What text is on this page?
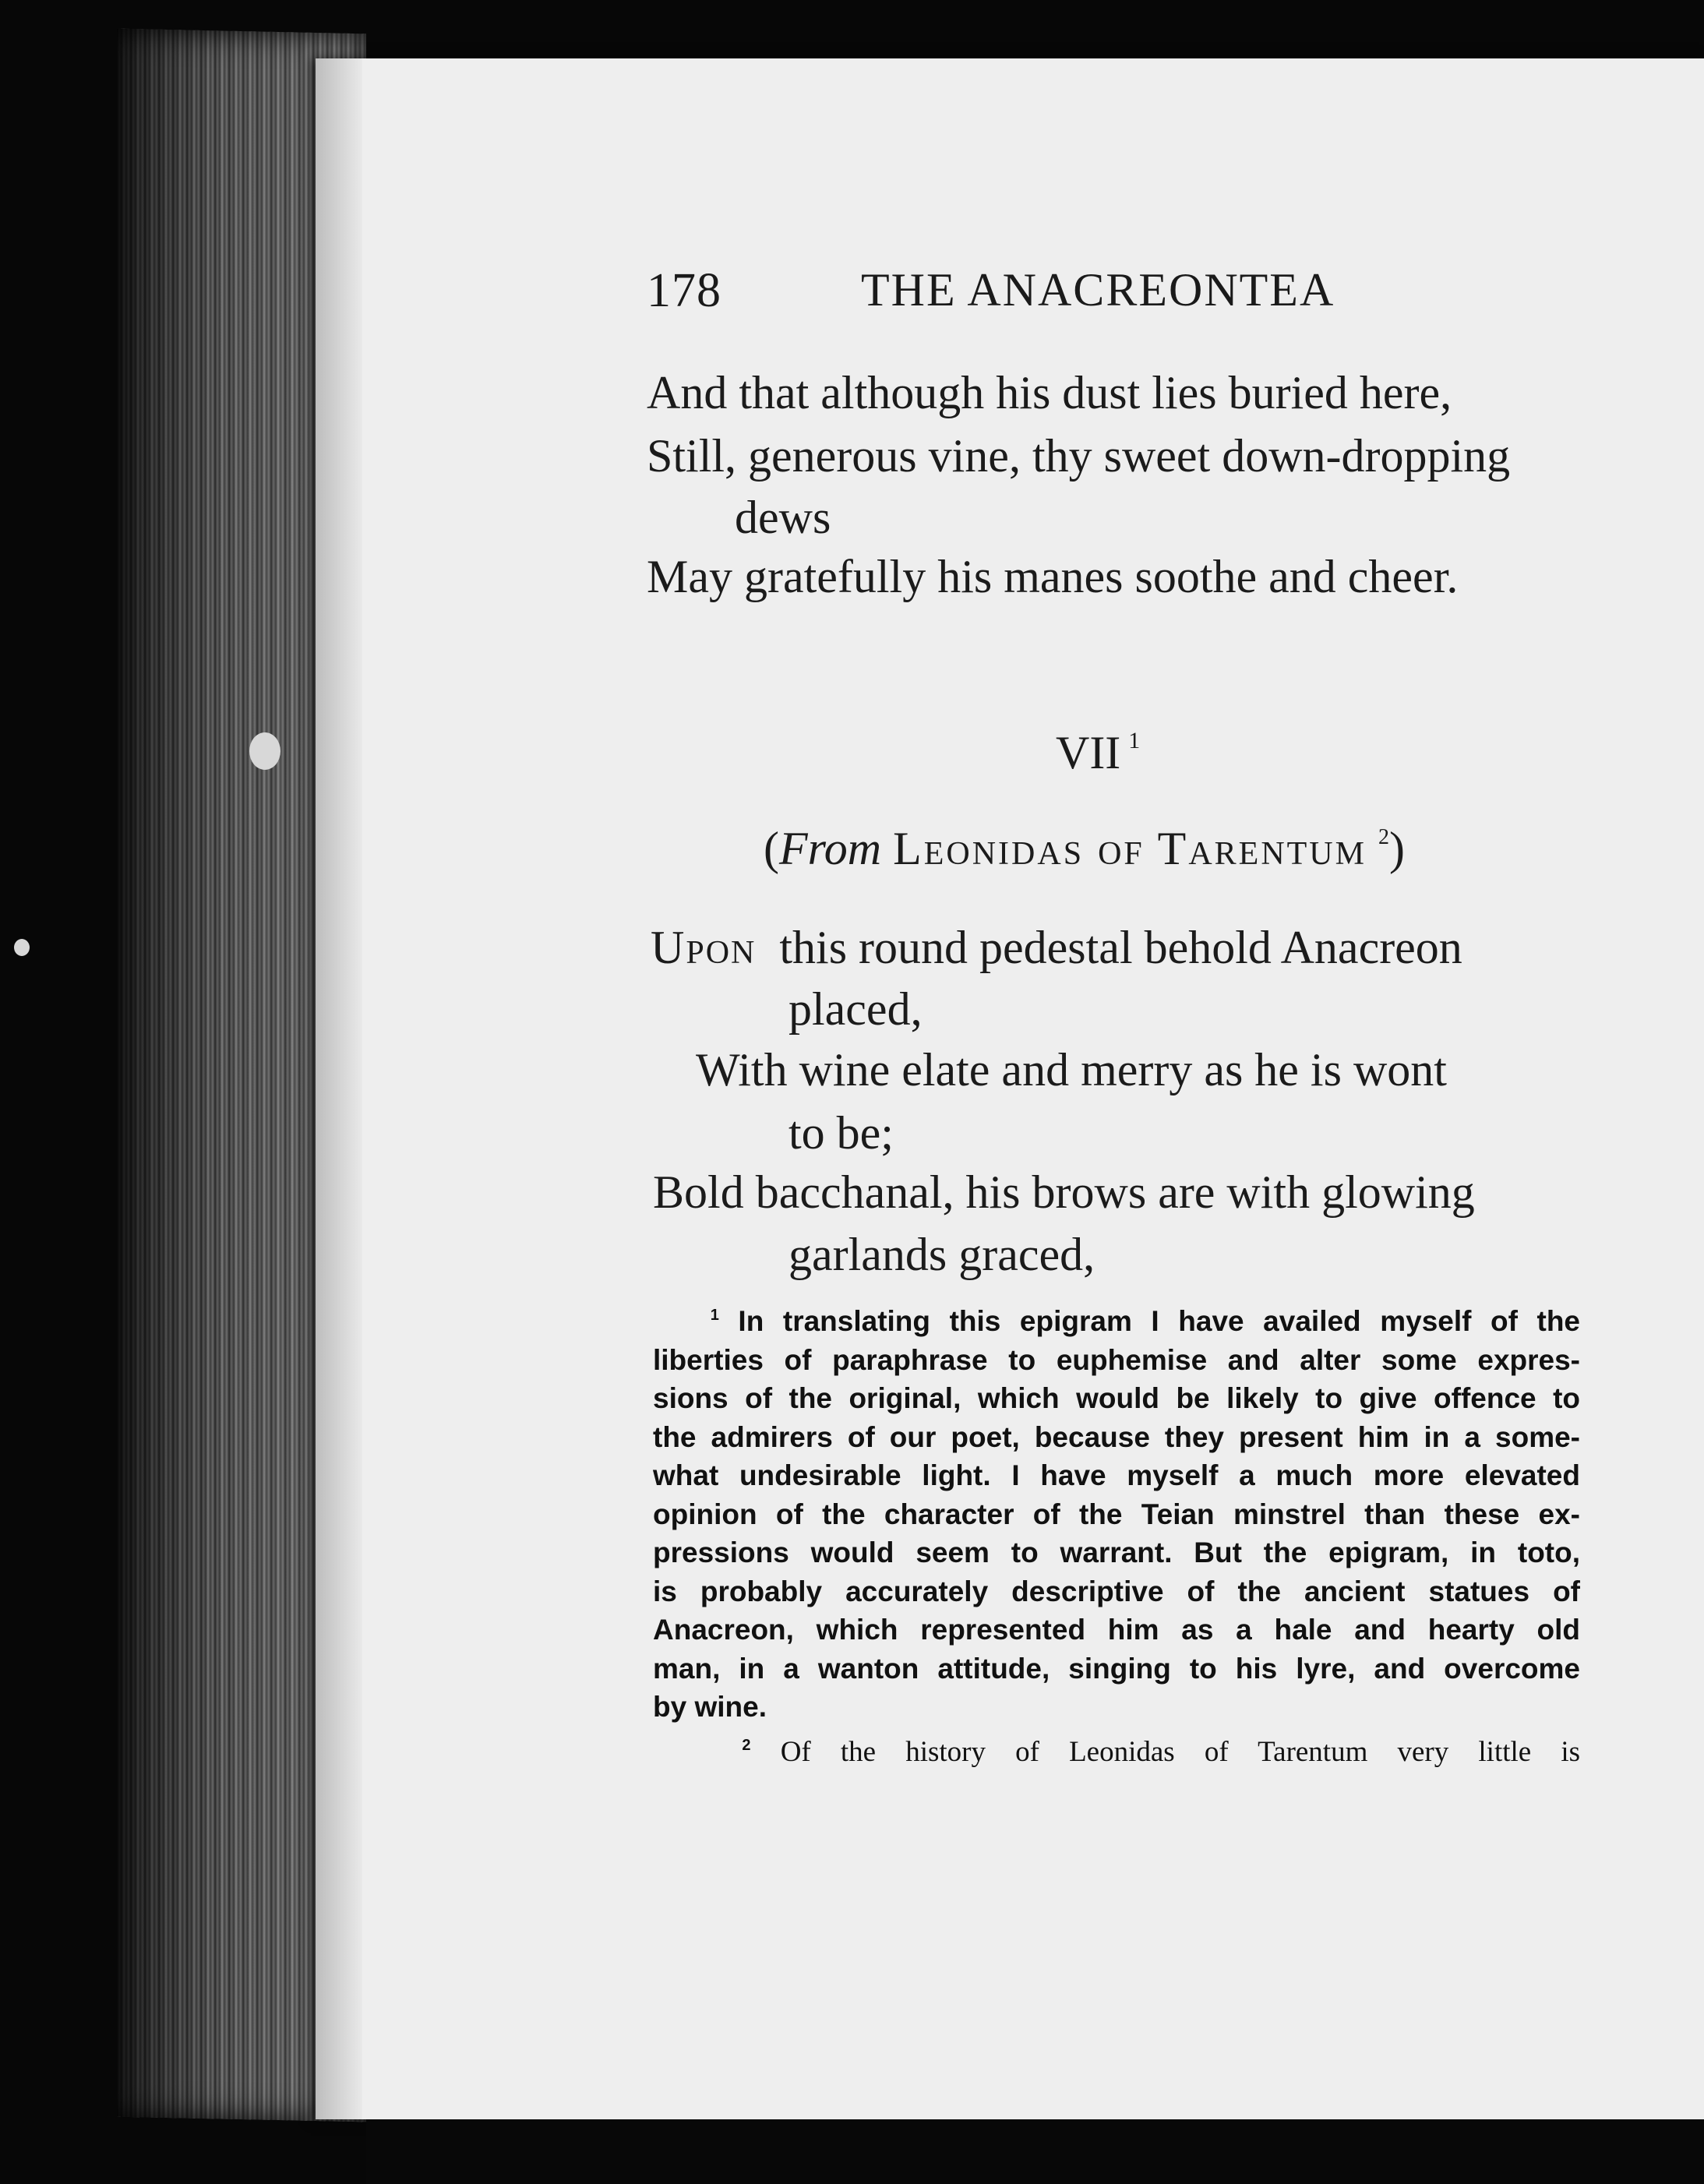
178	THE ANACREONTEA
And that although his dust lies buried here,
Still, generous vine, thy sweet down-dropping
dews
May gratefully his manes soothe and cheer.
VII $^1$
(From Leonidas of Tarentum $^2$)
Upon this round pedestal behold Anacreon
placed,
With wine elate and merry as he is wont
to be;
Bold bacchanal, his brows are with glowing
garlands graced,

$^1$ In translating this epigram I have availed myself of the

liberties of paraphrase to euphemise and alter some expres-

sions of the original, which would be likely to give offence to

the admirers of our poet, because they present him in a some-

what undesirable light. I have myself a much more elevated

opinion of the character of the Teian minstrel than these ex-

pressions would seem to warrant. But the epigram, in toto,

is probably accurately descriptive of the ancient statues of

Anacreon, which represented him as a hale and hearty old

man, in a wanton attitude, singing to his lyre, and overcome

by wine.

$^2$ Of the history of Leonidas of Tarentum very little is
